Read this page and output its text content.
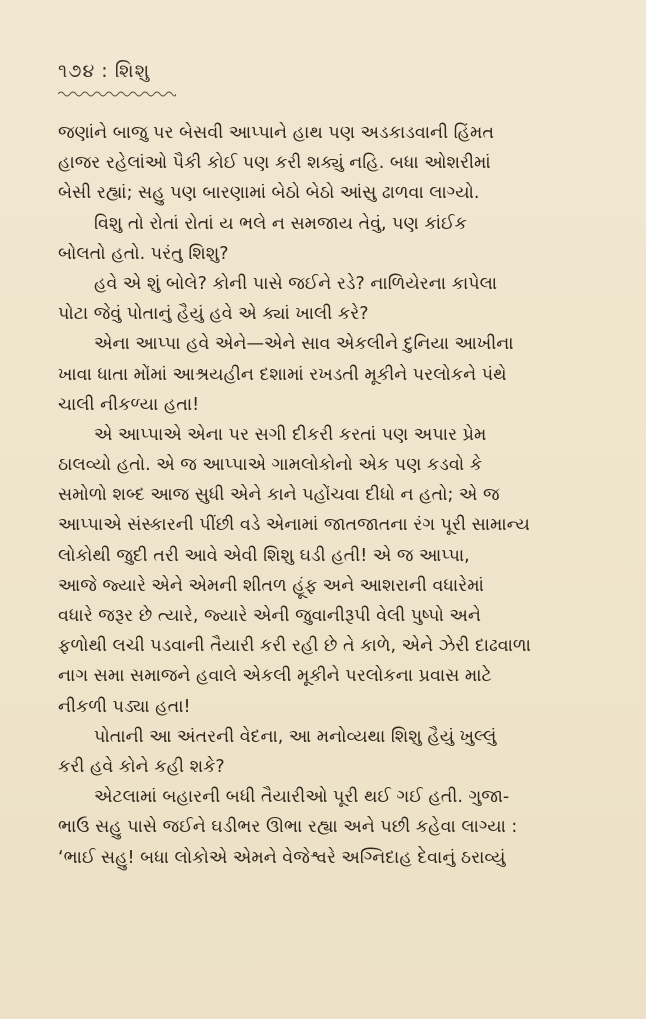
૧૭૪ : શિશુ
જણાંને બાજુ પર બેસવી આપ્પાને હાથ પણ અડકાડવાની હિંમત
હાજર રહેલાંઓ પૈકી કોઈ પણ કરી શક્યું નહિ. બધા ઓશરીમાં
બેસી રહ્યાં; સહુ પણ બારણામાં બેઠો બેઠો આંસુ ઢાળવા લાગ્યો.
વિશુ તો રોતાં રોતાં ય ભલે ન સમજાય તેવું, પણ કાંઈક
બોલતો હતો. પરંતુ શિશુ?
હવે એ શું બોલે? કોની પાસે જઈને રડે? નાળિયેરના કાપેલા
પોટા જેવું પોતાનું હૈયું હવે એ ક્યાં ખાલી કરે?
એના આપ્પા હવે એને—એને સાવ એકલીને દુનિયા આખીના
ખાવા ધાતા મોંમાં આશ્રયહીન દશામાં રખડતી મૂકીને પરલોકને પંથે
ચાલી નીકળ્યા હતા!
એ આપ્પાએ એના પર સગી દીકરી કરતાં પણ અપાર પ્રેમ
ઠાલવ્યો હતો. એ જ આપ્પાએ ગામલોકોનો એક પણ કડવો કે
સમોળો શબ્દ આજ સુધી એને કાને પહોંચવા દીધો ન હતો; એ જ
આપ્પાએ સંસ્કારની પીંછી વડે એનામાં જાતજાતના રંગ પૂરી સામાન્ય
લોકોથી જુદી તરી આવે એવી શિશુ ઘડી હતી! એ જ આપ્પા,
આજે જ્યારે એને એમની શીતળ હૂંફ અને આશરાની વધારેમાં
વધારે જરૂર છે ત્યારે, જ્યારે એની જુવાનીરૂપી વેલી પુષ્પો અને
ફળોથી લચી પડવાની તૈયારી કરી રહી છે તે કાળે, એને ઝેરી દાઢવાળા
નાગ સમા સમાજને હવાલે એકલી મૂકીને પરલોકના પ્રવાસ માટે
નીકળી પડ્યા હતા!
પોતાની આ અંતરની વેદના, આ મનોવ્યથા શિશુ હૈયું ખુલ્લું
કરી હવે કોને કહી શકે?
એટલામાં બહારની બધી તૈયારીઓ પૂરી થઈ ગઈ હતી. ગુજા-
ભાઉ સહુ પાસે જઈને ઘડીભર ઊભા રહ્યા અને પછી કહેવા લાગ્યા :
‘ભાઈ સહુ! બધા લોકોએ એમને વેજેશ્વરે અગ્નિદાહ દેવાનું ઠરાવ્યું
